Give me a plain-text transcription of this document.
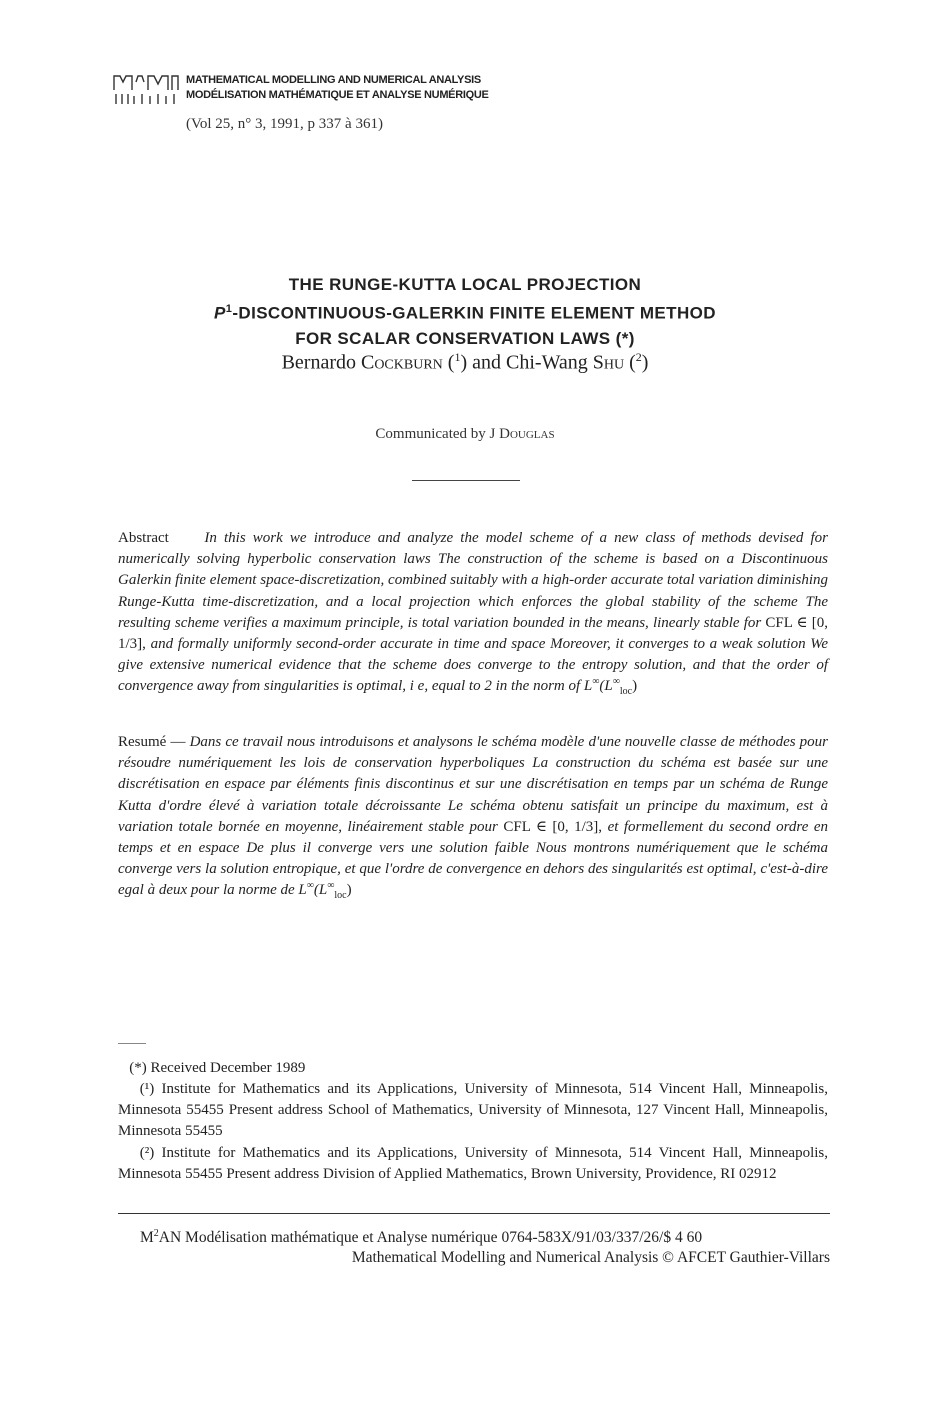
MATHEMATICAL MODELLING AND NUMERICAL ANALYSIS
MODÉLISATION MATHÉMATIQUE ET ANALYSE NUMÉRIQUE
(Vol 25, n° 3, 1991, p 337 à 361)
THE RUNGE-KUTTA LOCAL PROJECTION
$P^1-DISCONTINUOUS$-GALERKIN FINITE ELEMENT METHOD
FOR SCALAR CONSERVATION LAWS (*)
Bernardo Cockburn ($^1$) and Chi-Wang Shu ($^2$)
Communicated by J Douglas
Abstract In this work we introduce and analyze the model scheme of a new class of methods devised for numerically solving hyperbolic conservation laws The construction of the scheme is based on a Discontinuous Galerkin finite element space-discretization, combined suitably with a high-order accurate total variation diminishing Runge-Kutta time-discretization, and a local projection which enforces the global stability of the scheme The resulting scheme verifies a maximum principle, is total variation bounded in the means, linearly stable for CFL ∈ [0, 1/3], and formally uniformly second-order accurate in time and space Moreover, it converges to a weak solution We give extensive numerical evidence that the scheme does converge to the entropy solution, and that the order of convergence away from singularities is optimal, i e, equal to 2 in the norm of $L^\infty(L^\infty_{loc})$
Resumé — Dans ce travail nous introduisons et analysons le schéma modèle d'une nouvelle classe de méthodes pour résoudre numériquement les lois de conservation hyperboliques La construction du schéma est basée sur une discrétisation en espace par éléments finis discontinus et sur une discrétisation en temps par un schéma de Runge Kutta d'ordre élevé à variation totale décroissante Le schéma obtenu satisfait un principe du maximum, est à variation totale bornée en moyenne, linéairement stable pour CFL ∈ [0, 1/3], et formellement du second ordre en temps et en espace De plus il converge vers une solution faible Nous montrons numériquement que le schéma converge vers la solution entropique, et que l'ordre de convergence en dehors des singularités est optimal, c'est-à-dire egal à deux pour la norme de $L^\infty(L^\infty_{loc})$
(*) Received December 1989
(¹) Institute for Mathematics and its Applications, University of Minnesota, 514 Vincent Hall, Minneapolis, Minnesota 55455 Present address School of Mathematics, University of Minnesota, 127 Vincent Hall, Minneapolis, Minnesota 55455
(²) Institute for Mathematics and its Applications, University of Minnesota, 514 Vincent Hall, Minneapolis, Minnesota 55455 Present address Division of Applied Mathematics, Brown University, Providence, RI 02912
$M^2AN$ Modélisation mathématique et Analyse numérique 0764-583X/91/03/337/26/$ 4 60
Mathematical Modelling and Numerical Analysis © AFCET Gauthier-Villars
